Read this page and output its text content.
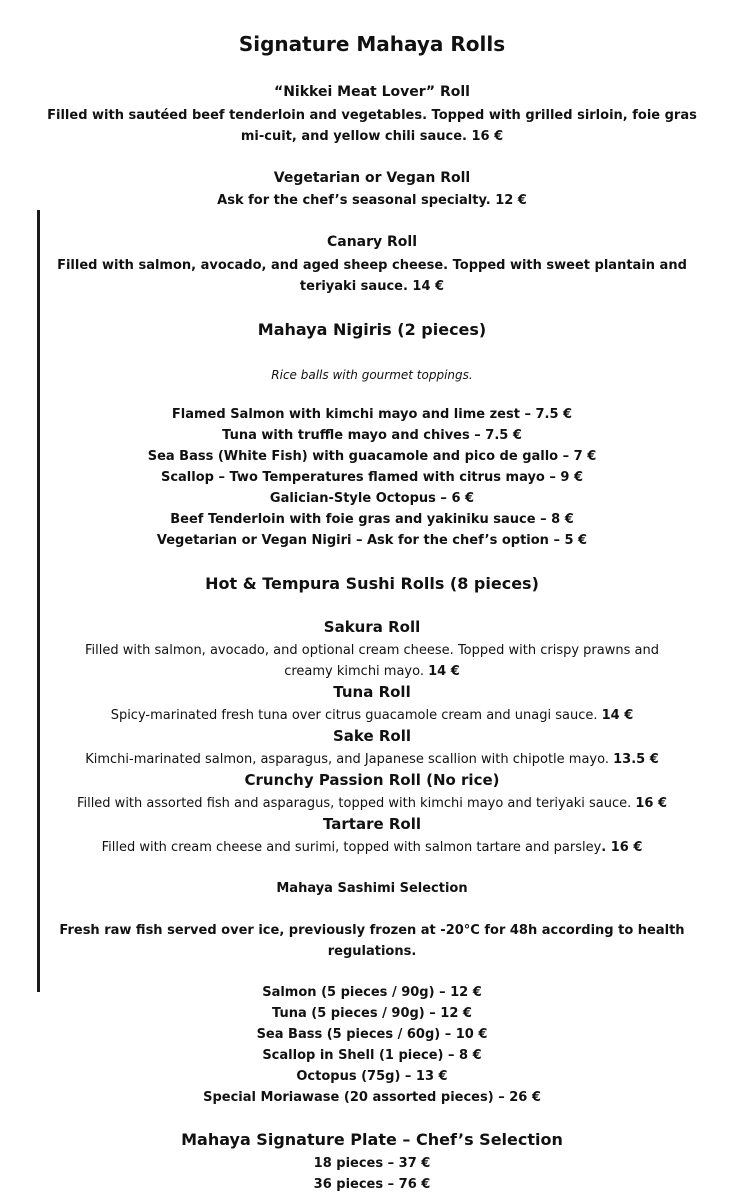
Signature Mahaya Rolls
“Nikkei Meat Lover” Roll
Filled with sautéed beef tenderloin and vegetables. Topped with grilled sirloin, foie gras
mi-cuit, and yellow chili sauce. 16 €
Vegetarian or Vegan Roll
Ask for the chef’s seasonal specialty. 12 €
Canary Roll
Filled with salmon, avocado, and aged sheep cheese. Topped with sweet plantain and
teriyaki sauce. 14 €
Mahaya Nigiris (2 pieces)
Rice balls with gourmet toppings.
Flamed Salmon with kimchi mayo and lime zest – 7.5 €
Tuna with truffle mayo and chives – 7.5 €
Sea Bass (White Fish) with guacamole and pico de gallo – 7 €
Scallop – Two Temperatures flamed with citrus mayo – 9 €
Galician-Style Octopus – 6 €
Beef Tenderloin with foie gras and yakiniku sauce – 8 €
Vegetarian or Vegan Nigiri – Ask for the chef’s option – 5 €
Hot & Tempura Sushi Rolls (8 pieces)
Sakura Roll
Filled with salmon, avocado, and optional cream cheese. Topped with crispy prawns and
creamy kimchi mayo. 14 €
Tuna Roll
Spicy-marinated fresh tuna over citrus guacamole cream and unagi sauce. 14 €
Sake Roll
Kimchi-marinated salmon, asparagus, and Japanese scallion with chipotle mayo. 13.5 €
Crunchy Passion Roll (No rice)
Filled with assorted fish and asparagus, topped with kimchi mayo and teriyaki sauce. 16 €
Tartare Roll
Filled with cream cheese and surimi, topped with salmon tartare and parsley. 16 €
Mahaya Sashimi Selection
Fresh raw fish served over ice, previously frozen at -20°C for 48h according to health
regulations.
Salmon (5 pieces / 90g) – 12 €
Tuna (5 pieces / 90g) – 12 €
Sea Bass (5 pieces / 60g) – 10 €
Scallop in Shell (1 piece) – 8 €
Octopus (75g) – 13 €
Special Moriawase (20 assorted pieces) – 26 €
Mahaya Signature Plate – Chef’s Selection
18 pieces – 37 €
36 pieces – 76 €
